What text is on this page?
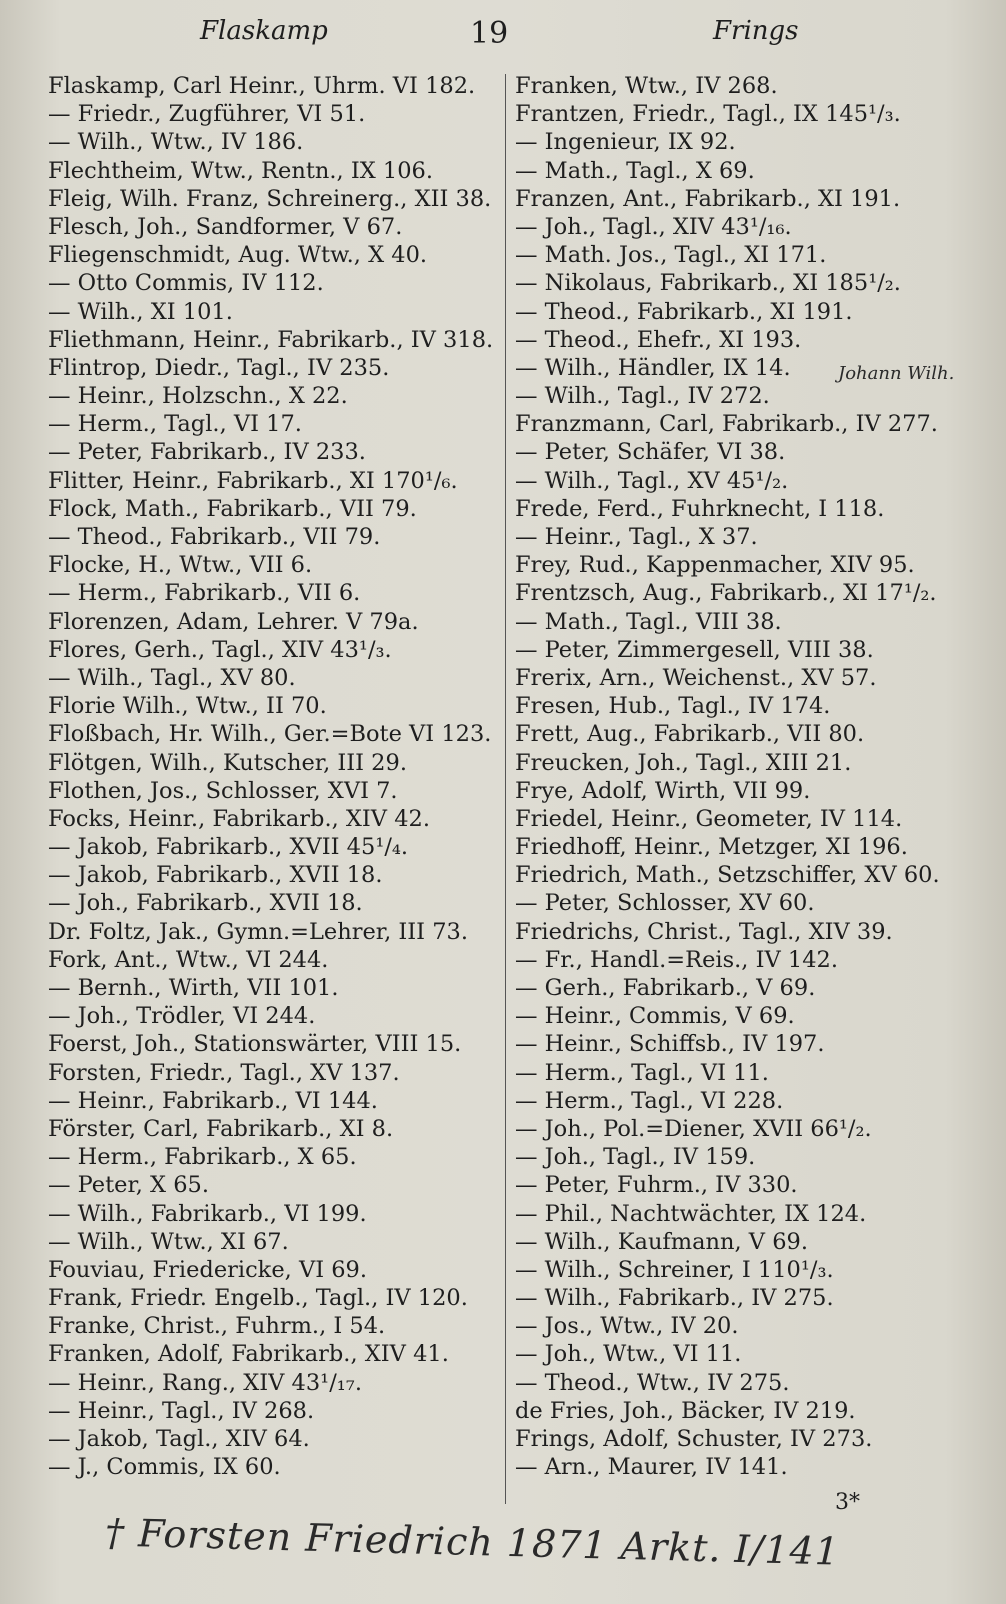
Flaskamp	19	Frings
Flaskamp, Carl Heinr., Uhrm. VI 182.
— Friedr., Zugführer, VI 51.
— Wilh., Wtw., IV 186.
Flechtheim, Wtw., Rentn., IX 106.
Fleig, Wilh. Franz, Schreinerg., XII 38.
Flesch, Joh., Sandformer, V 67.
Fliegenschmidt, Aug. Wtw., X 40.
— Otto Commis, IV 112.
— Wilh., XI 101.
Fliethmann, Heinr., Fabrikarb., IV 318.
Flintrop, Diedr., Tagl., IV 235.
— Heinr., Holzschn., X 22.
— Herm., Tagl., VI 17.
— Peter, Fabrikarb., IV 233.
Flitter, Heinr., Fabrikarb., XI 170¹/₆.
Flock, Math., Fabrikarb., VII 79.
— Theod., Fabrikarb., VII 79.
Flocke, H., Wtw., VII 6.
— Herm., Fabrikarb., VII 6.
Florenzen, Adam, Lehrer. V 79a.
Flores, Gerh., Tagl., XIV 43¹/₃.
— Wilh., Tagl., XV 80.
Florie Wilh., Wtw., II 70.
Floßbach, Hr. Wilh., Ger.=Bote VI 123.
Flötgen, Wilh., Kutscher, III 29.
Flothen, Jos., Schlosser, XVI 7.
Focks, Heinr., Fabrikarb., XIV 42.
— Jakob, Fabrikarb., XVII 45¹/₄.
— Jakob, Fabrikarb., XVII 18.
— Joh., Fabrikarb., XVII 18.
Dr. Foltz, Jak., Gymn.=Lehrer, III 73.
Fork, Ant., Wtw., VI 244.
— Bernh., Wirth, VII 101.
— Joh., Trödler, VI 244.
Foerst, Joh., Stationswärter, VIII 15.
Forsten, Friedr., Tagl., XV 137.
— Heinr., Fabrikarb., VI 144.
Förster, Carl, Fabrikarb., XI 8.
— Herm., Fabrikarb., X 65.
— Peter, X 65.
— Wilh., Fabrikarb., VI 199.
— Wilh., Wtw., XI 67.
Fouviau, Friedericke, VI 69.
Frank, Friedr. Engelb., Tagl., IV 120.
Franke, Christ., Fuhrm., I 54.
Franken, Adolf, Fabrikarb., XIV 41.
— Heinr., Rang., XIV 43¹/₁₇.
— Heinr., Tagl., IV 268.
— Jakob, Tagl., XIV 64.
— J., Commis, IX 60.
Franken, Wtw., IV 268.
Frantzen, Friedr., Tagl., IX 145¹/₃.
— Ingenieur, IX 92.
— Math., Tagl., X 69.
Franzen, Ant., Fabrikarb., XI 191.
— Joh., Tagl., XIV 43¹/₁₆.
— Math. Jos., Tagl., XI 171.
— Nikolaus, Fabrikarb., XI 185¹/₂.
— Theod., Fabrikarb., XI 191.
— Theod., Ehefr., XI 193.
— Wilh., Händler, IX 14.
— Wilh., Tagl., IV 272.
Franzmann, Carl, Fabrikarb., IV 277.
— Peter, Schäfer, VI 38.
— Wilh., Tagl., XV 45¹/₂.
Frede, Ferd., Fuhrknecht, I 118.
— Heinr., Tagl., X 37.
Frey, Rud., Kappenmacher, XIV 95.
Frentzsch, Aug., Fabrikarb., XI 17¹/₂.
— Math., Tagl., VIII 38.
— Peter, Zimmergesell, VIII 38.
Frerix, Arn., Weichenst., XV 57.
Fresen, Hub., Tagl., IV 174.
Frett, Aug., Fabrikarb., VII 80.
Freucken, Joh., Tagl., XIII 21.
Frye, Adolf, Wirth, VII 99.
Friedel, Heinr., Geometer, IV 114.
Friedhoff, Heinr., Metzger, XI 196.
Friedrich, Math., Setzschiffer, XV 60.
— Peter, Schlosser, XV 60.
Friedrichs, Christ., Tagl., XIV 39.
— Fr., Handl.=Reis., IV 142.
— Gerh., Fabrikarb., V 69.
— Heinr., Commis, V 69.
— Heinr., Schiffsb., IV 197.
— Herm., Tagl., VI 11.
— Herm., Tagl., VI 228.
— Joh., Pol.=Diener, XVII 66¹/₂.
— Joh., Tagl., IV 159.
— Peter, Fuhrm., IV 330.
— Phil., Nachtwächter, IX 124.
— Wilh., Kaufmann, V 69.
— Wilh., Schreiner, I 110¹/₃.
— Wilh., Fabrikarb., IV 275.
— Jos., Wtw., IV 20.
— Joh., Wtw., VI 11.
— Theod., Wtw., IV 275.
de Fries, Joh., Bäcker, IV 219.
Frings, Adolf, Schuster, IV 273.
— Arn., Maurer, IV 141.
Johann Wilh.
3*
† Forsten Friedrich 1871 Arkt. I/141
